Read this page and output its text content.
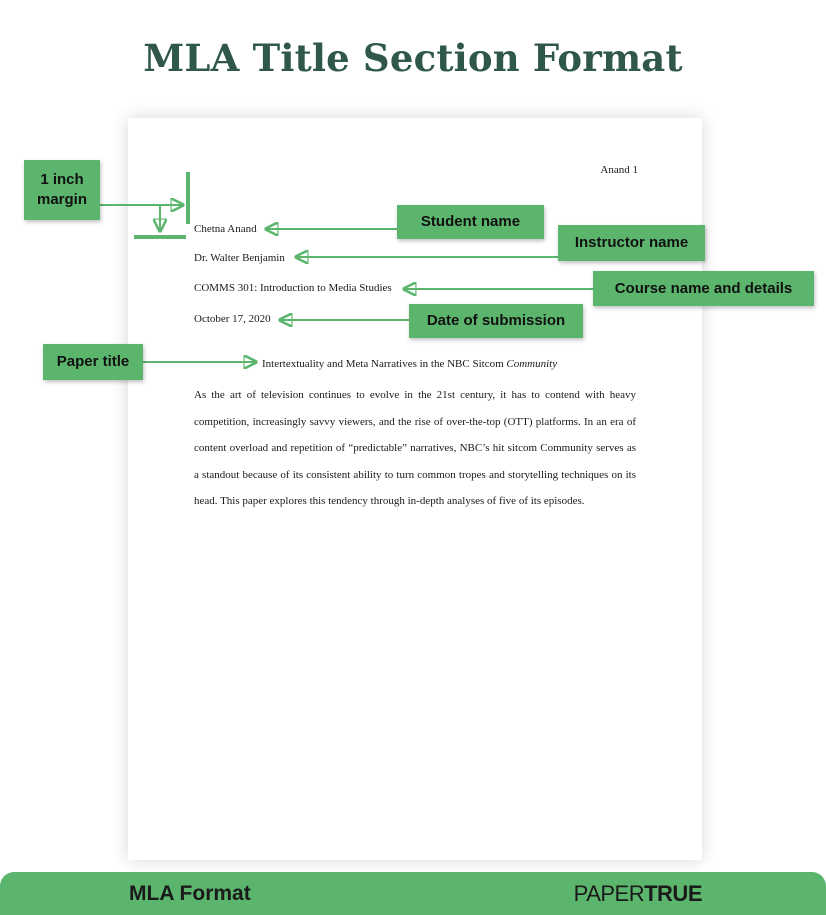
MLA Title Section Format
Anand 1
Chetna Anand
Dr. Walter Benjamin
COMMS 301: Introduction to Media Studies
October 17, 2020
Intertextuality and Meta Narratives in the NBC Sitcom Community
As the art of television continues to evolve in the 21st century, it has to contend with heavy competition, increasingly savvy viewers, and the rise of over-the-top (OTT) platforms. In an era of content overload and repetition of “predictable” narratives, NBC’s hit sitcom Community serves as a standout because of its consistent ability to turn common tropes and storytelling techniques on its head. This paper explores this tendency through in-depth analyses of five of its episodes.
1 inch
margin
Student name
Instructor name
Course name and details
Date of submission
Paper title
MLA Format	PAPERTRUE
